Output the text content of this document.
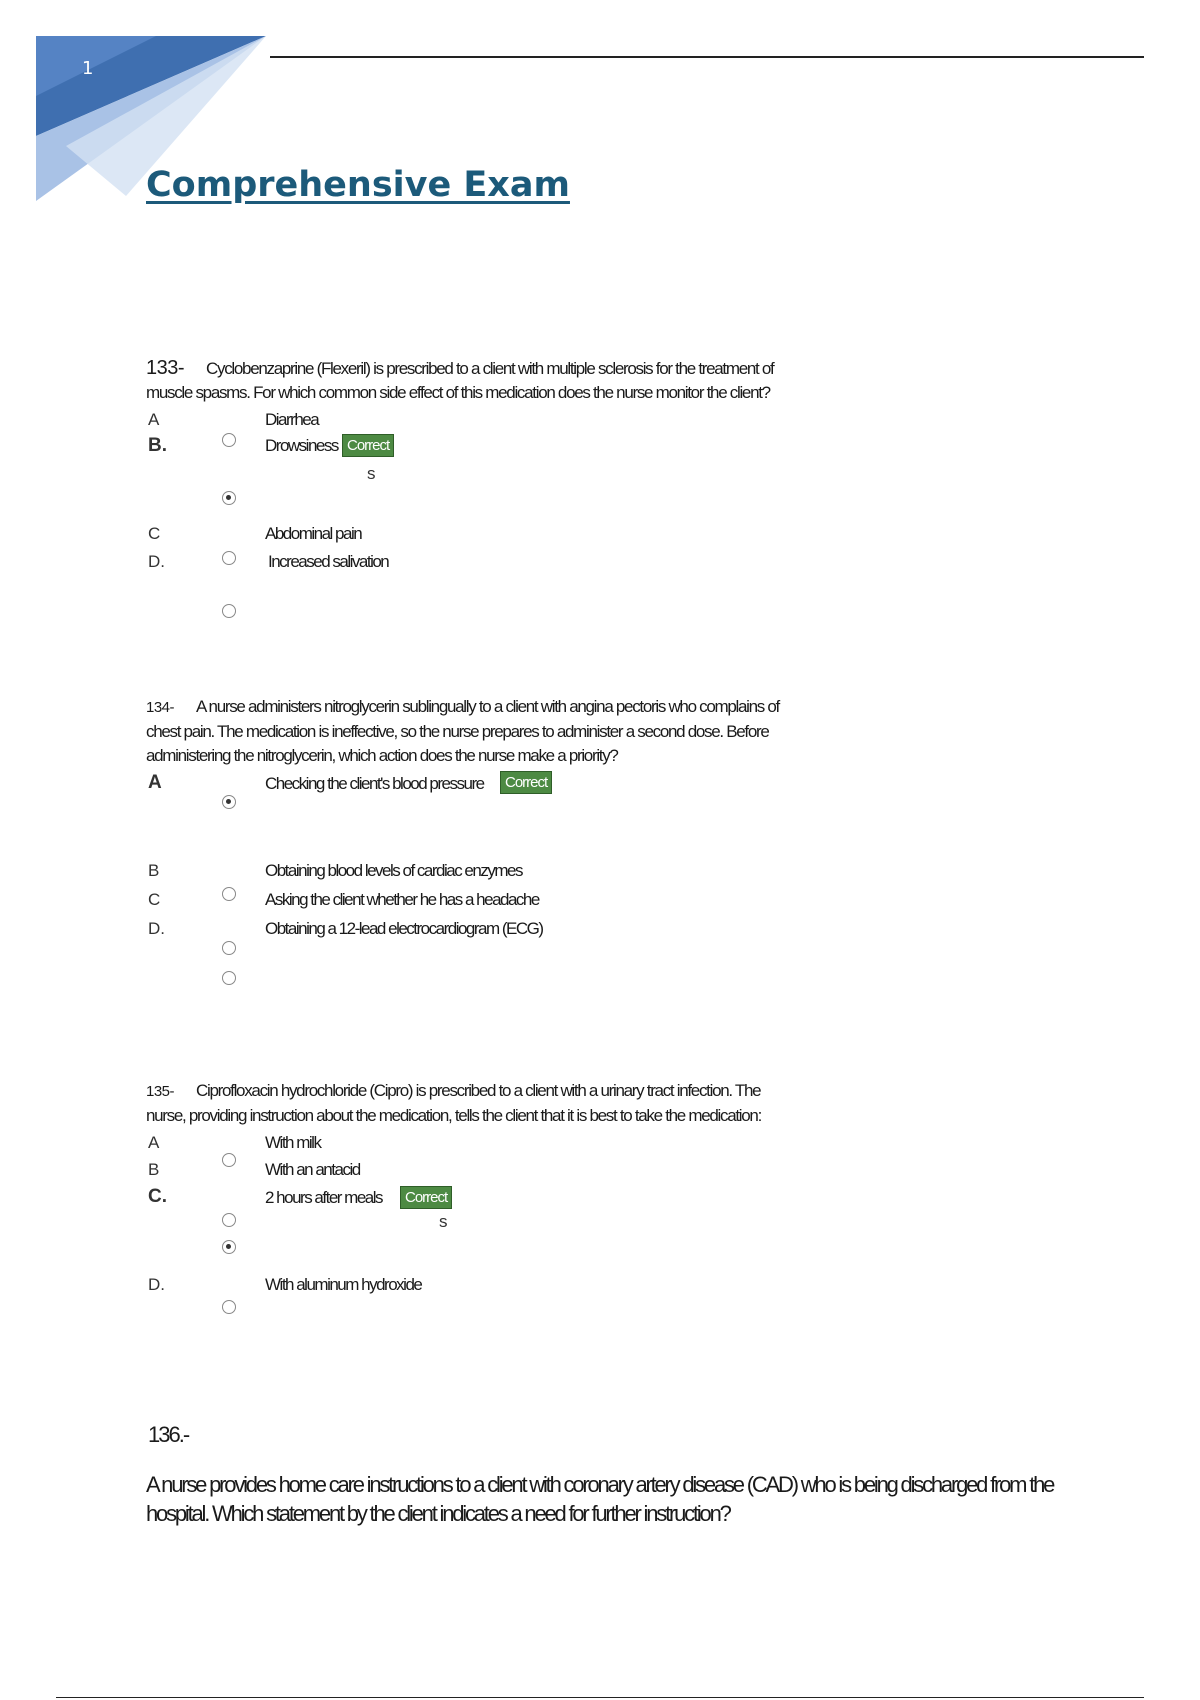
1
Comprehensive Exam
133- Cyclobenzaprine (Flexeril) is prescribed to a client with multiple sclerosis for the treatment of muscle spasms. For which common side effect of this medication does the nurse monitor the client?
A	Diarrhea
B.	Drowsiness Correct
s
C	Abdominal pain
D.	Increased salivation
134- A nurse administers nitroglycerin sublingually to a client with angina pectoris who complains of chest pain. The medication is ineffective, so the nurse prepares to administer a second dose. Before administering the nitroglycerin, which action does the nurse make a priority?
A	Checking the client's blood pressure	Correct
B	Obtaining blood levels of cardiac enzymes
C	Asking the client whether he has a headache
D.	Obtaining a 12-lead electrocardiogram (ECG)
135- Ciprofloxacin hydrochloride (Cipro) is prescribed to a client with a urinary tract infection. The nurse, providing instruction about the medication, tells the client that it is best to take the medication:
A	With milk
B	With an antacid
C.	2 hours after meals	Correct
s
D.	With aluminum hydroxide
136.-
A nurse provides home care instructions to a client with coronary artery disease (CAD) who is being discharged from the hospital. Which statement by the client indicates a need for further instruction?
